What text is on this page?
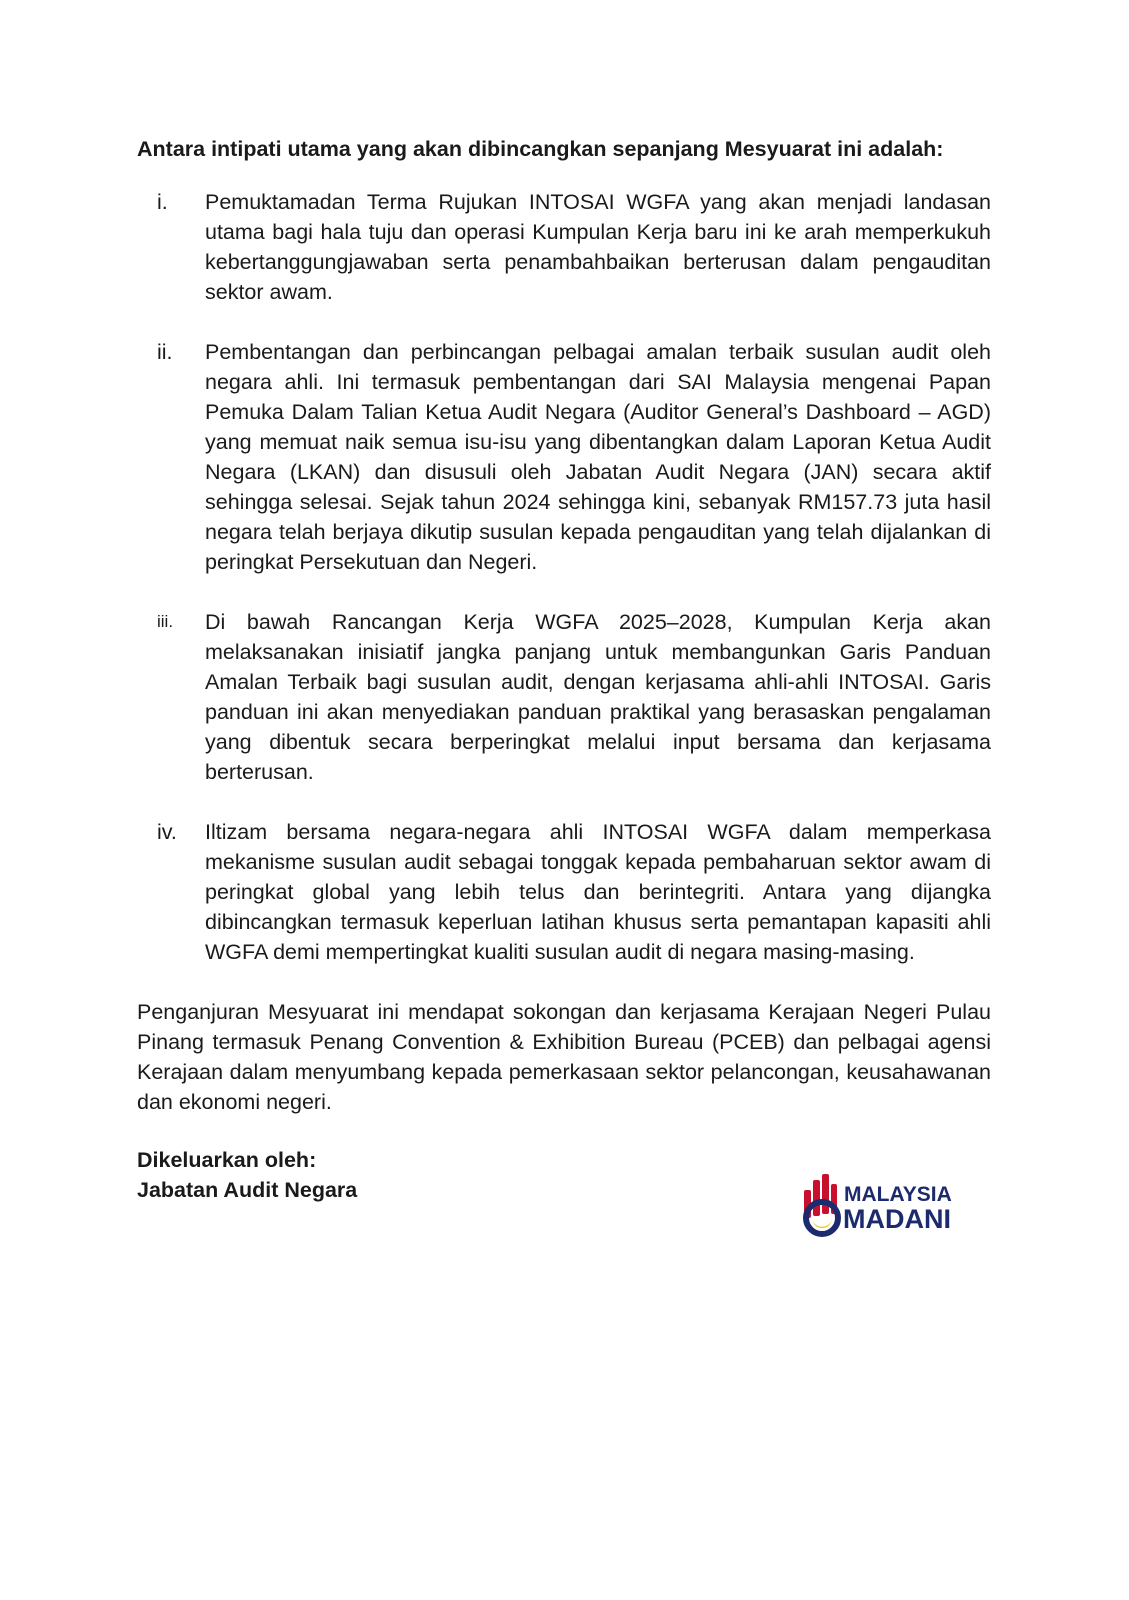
Antara intipati utama yang akan dibincangkan sepanjang Mesyuarat ini adalah:

i. Pemuktamadan Terma Rujukan INTOSAI WGFA yang akan menjadi landasan utama bagi hala tuju dan operasi Kumpulan Kerja baru ini ke arah memperkukuh kebertanggungjawaban serta penambahbaikan berterusan dalam pengauditan sektor awam.
ii. Pembentangan dan perbincangan pelbagai amalan terbaik susulan audit oleh negara ahli. Ini termasuk pembentangan dari SAI Malaysia mengenai Papan Pemuka Dalam Talian Ketua Audit Negara (Auditor General’s Dashboard – AGD) yang memuat naik semua isu-isu yang dibentangkan dalam Laporan Ketua Audit Negara (LKAN) dan disusuli oleh Jabatan Audit Negara (JAN) secara aktif sehingga selesai. Sejak tahun 2024 sehingga kini, sebanyak RM157.73 juta hasil negara telah berjaya dikutip susulan kepada pengauditan yang telah dijalankan di peringkat Persekutuan dan Negeri.
iii. Di bawah Rancangan Kerja WGFA 2025–2028, Kumpulan Kerja akan melaksanakan inisiatif jangka panjang untuk membangunkan Garis Panduan Amalan Terbaik bagi susulan audit, dengan kerjasama ahli-ahli INTOSAI. Garis panduan ini akan menyediakan panduan praktikal yang berasaskan pengalaman yang dibentuk secara berperingkat melalui input bersama dan kerjasama berterusan.
iv. Iltizam bersama negara-negara ahli INTOSAI WGFA dalam memperkasa mekanisme susulan audit sebagai tonggak kepada pembaharuan sektor awam di peringkat global yang lebih telus dan berintegriti. Antara yang dijangka dibincangkan termasuk keperluan latihan khusus serta pemantapan kapasiti ahli WGFA demi mempertingkat kualiti susulan audit di negara masing-masing.

Penganjuran Mesyuarat ini mendapat sokongan dan kerjasama Kerajaan Negeri Pulau Pinang termasuk Penang Convention & Exhibition Bureau (PCEB) dan pelbagai agensi Kerajaan dalam menyumbang kepada pemerkasaan sektor pelancongan, keusahawanan dan ekonomi negeri.

Dikeluarkan oleh:
Jabatan Audit Negara	MALAYSIA
MADANI
